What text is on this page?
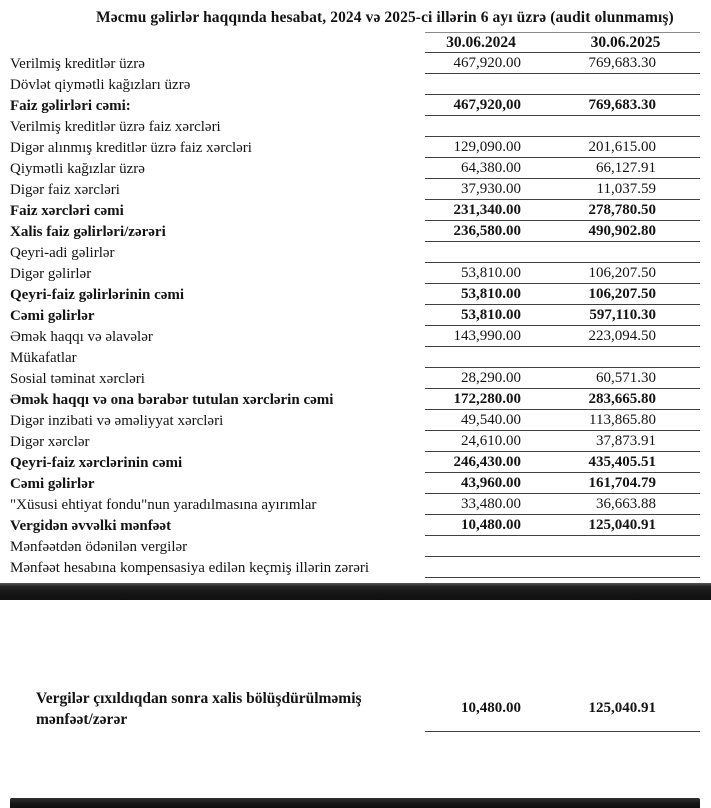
Məcmu gəlirlər haqqında hesabat, 2024 və 2025-ci illərin 6 ayı üzrə (audit olunmamış)
30.06.2024	30.06.2025
Verilmiş kreditlər üzrə	467,920.00	769,683.30
Dövlət qiymətli kağızları üzrə
Faiz gəlirləri cəmi:	467,920,00	769,683.30
Verilmiş kreditlər üzrə faiz xərcləri
Digər alınmış kreditlər üzrə faiz xərcləri	129,090.00	201,615.00
Qiymətli kağızlar üzrə	64,380.00	66,127.91
Digər faiz xərcləri	37,930.00	11,037.59
Faiz xərcləri cəmi	231,340.00	278,780.50
Xalis faiz gəlirləri/zərəri	236,580.00	490,902.80
Qeyri-adi gəlirlər
Digər gəlirlər	53,810.00	106,207.50
Qeyri-faiz gəlirlərinin cəmi	53,810.00	106,207.50
Cəmi gəlirlər	53,810.00	597,110.30
Əmək haqqı və əlavələr	143,990.00	223,094.50
Mükafatlar
Sosial təminat xərcləri	28,290.00	60,571.30
Əmək haqqı və ona bərabər tutulan xərclərin cəmi	172,280.00	283,665.80
Digər inzibati və əməliyyat xərcləri	49,540.00	113,865.80
Digər xərclər	24,610.00	37,873.91
Qeyri-faiz xərclərinin cəmi	246,430.00	435,405.51
Cəmi gəlirlər	43,960.00	161,704.79
"Xüsusi ehtiyat fondu"nun yaradılmasına ayırımlar	33,480.00	36,663.88
Vergidən əvvəlki mənfəət	10,480.00	125,040.91
Mənfəətdən ödənilən vergilər
Mənfəət hesabına kompensasiya edilən keçmiş illərin zərəri
Vergilər çıxıldıqdan sonra xalis bölüşdürülməmiş mənfəət/zərər
10,480.00	125,040.91
